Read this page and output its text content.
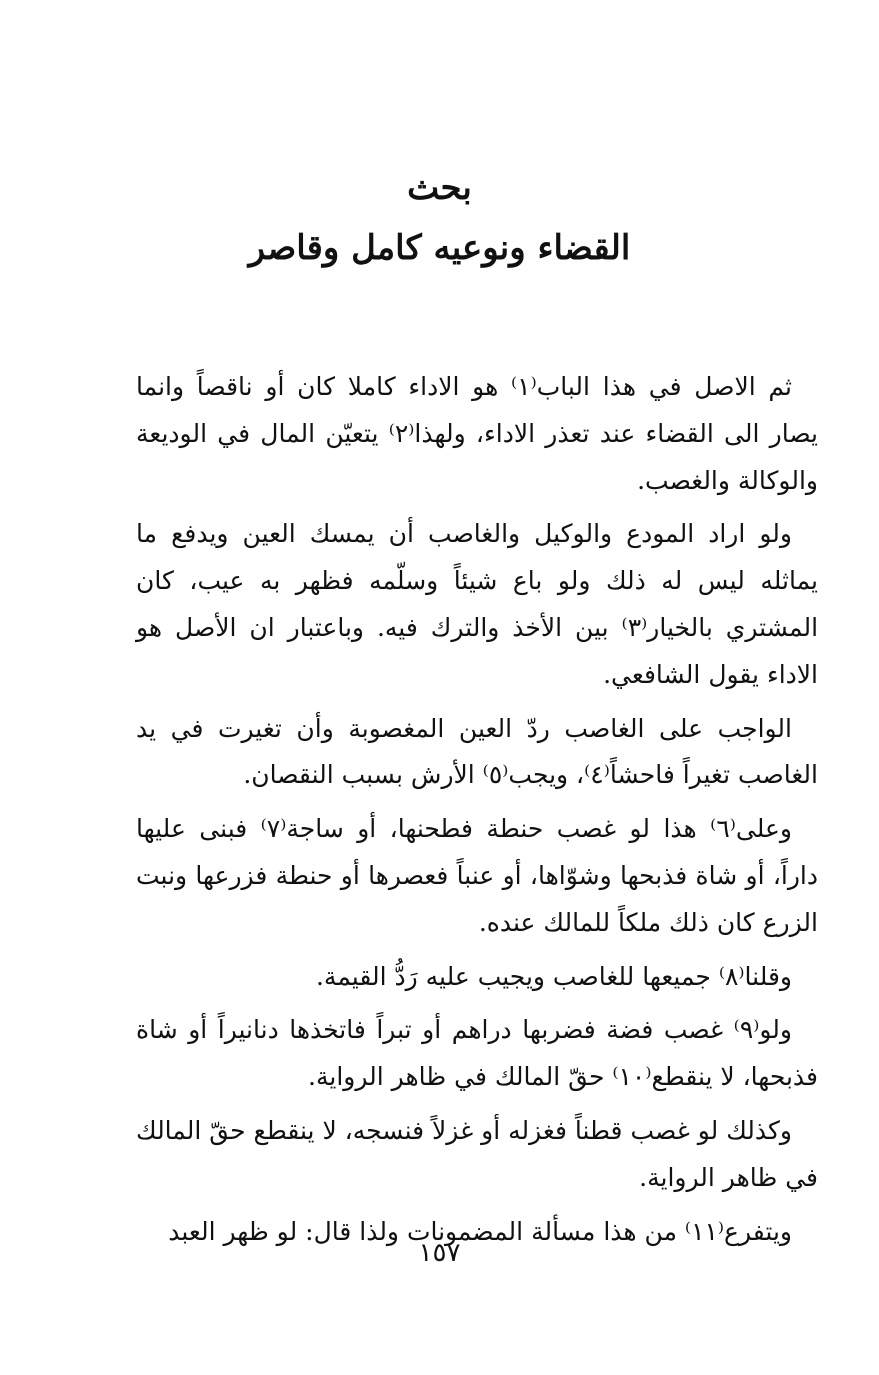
بحث
القضاء ونوعيه كامل وقاصر

ثم الاصل في هذا الباب⁽١⁾ هو الاداء كاملا كان أو ناقصاً وانما يصار الى القضاء عند تعذر الاداء، ولهذا⁽٢⁾ يتعيّن المال في الوديعة والوكالة والغصب.

ولو اراد المودع والوكيل والغاصب أن يمسك العين ويدفع ما يماثله ليس له ذلك ولو باع شيئاً وسلّمه فظهر به عيب، كان المشتري بالخيار⁽٣⁾ بين الأخذ والترك فيه. وباعتبار ان الأصل هو الاداء يقول الشافعي.

الواجب على الغاصب ردّ العين المغصوبة وأن تغيرت في يد الغاصب تغيراً فاحشاً⁽٤⁾، ويجب⁽٥⁾ الأرش بسبب النقصان.

وعلى⁽٦⁾ هذا لو غصب حنطة فطحنها، أو ساجة⁽٧⁾ فبنى عليها داراً، أو شاة فذبحها وشوّاها، أو عنباً فعصرها أو حنطة فزرعها ونبت الزرع كان ذلك ملكاً للمالك عنده.

وقلنا⁽٨⁾ جميعها للغاصب ويجيب عليه رَدُّ القيمة.

ولو⁽٩⁾ غصب فضة فضربها دراهم أو تبراً فاتخذها دنانيراً أو شاة فذبحها، لا ينقطع⁽١٠⁾ حقّ المالك في ظاهر الرواية.

وكذلك لو غصب قطناً فغزله أو غزلاً فنسجه، لا ينقطع حقّ المالك في ظاهر الرواية.

ويتفرع⁽١١⁾ من هذا مسألة المضمونات ولذا قال: لو ظهر العبد

١٥٧
